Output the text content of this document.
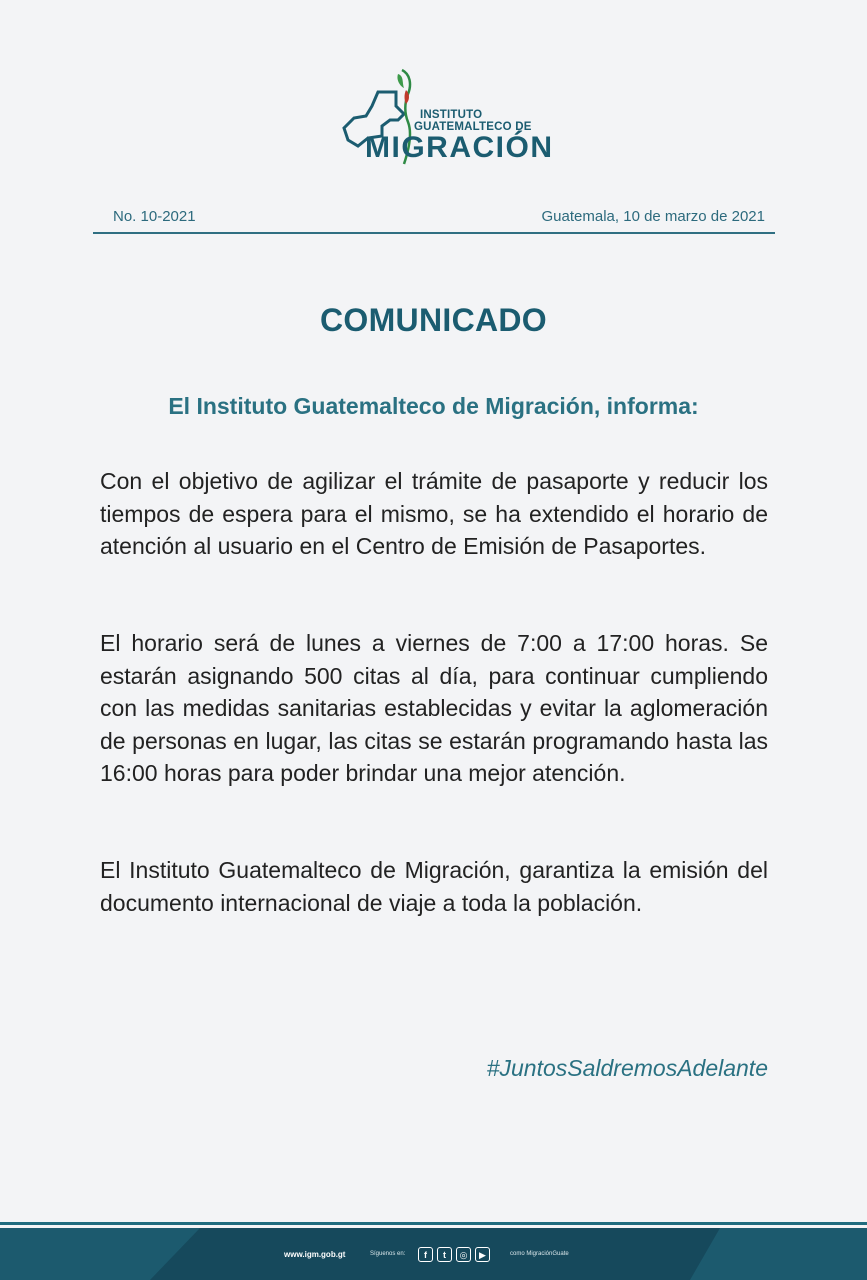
INSTITUTO
GUATEMALTECO DE
MIGRACIÓN
No. 10-2021	Guatemala, 10 de marzo de 2021
COMUNICADO
El Instituto Guatemalteco de Migración, informa:

Con el objetivo de agilizar el trámite de pasaporte y reducir los tiempos de espera para el mismo, se ha extendido el horario de atención al usuario en el Centro de Emisión de Pasaportes.

El horario será de lunes a viernes de 7:00 a 17:00 horas. Se estarán asignando 500 citas al día, para continuar cumpliendo con las medidas sanitarias establecidas y evitar la aglomeración de personas en lugar, las citas se estarán programando hasta las 16:00 horas para poder brindar una mejor atención.

El Instituto Guatemalteco de Migración, garantiza la emisión del documento internacional de viaje a toda la población.

#JuntosSaldremosAdelante
www.igm.gob.gt	Síguenos en:	f	t	◎	▶	como MigraciónGuate
